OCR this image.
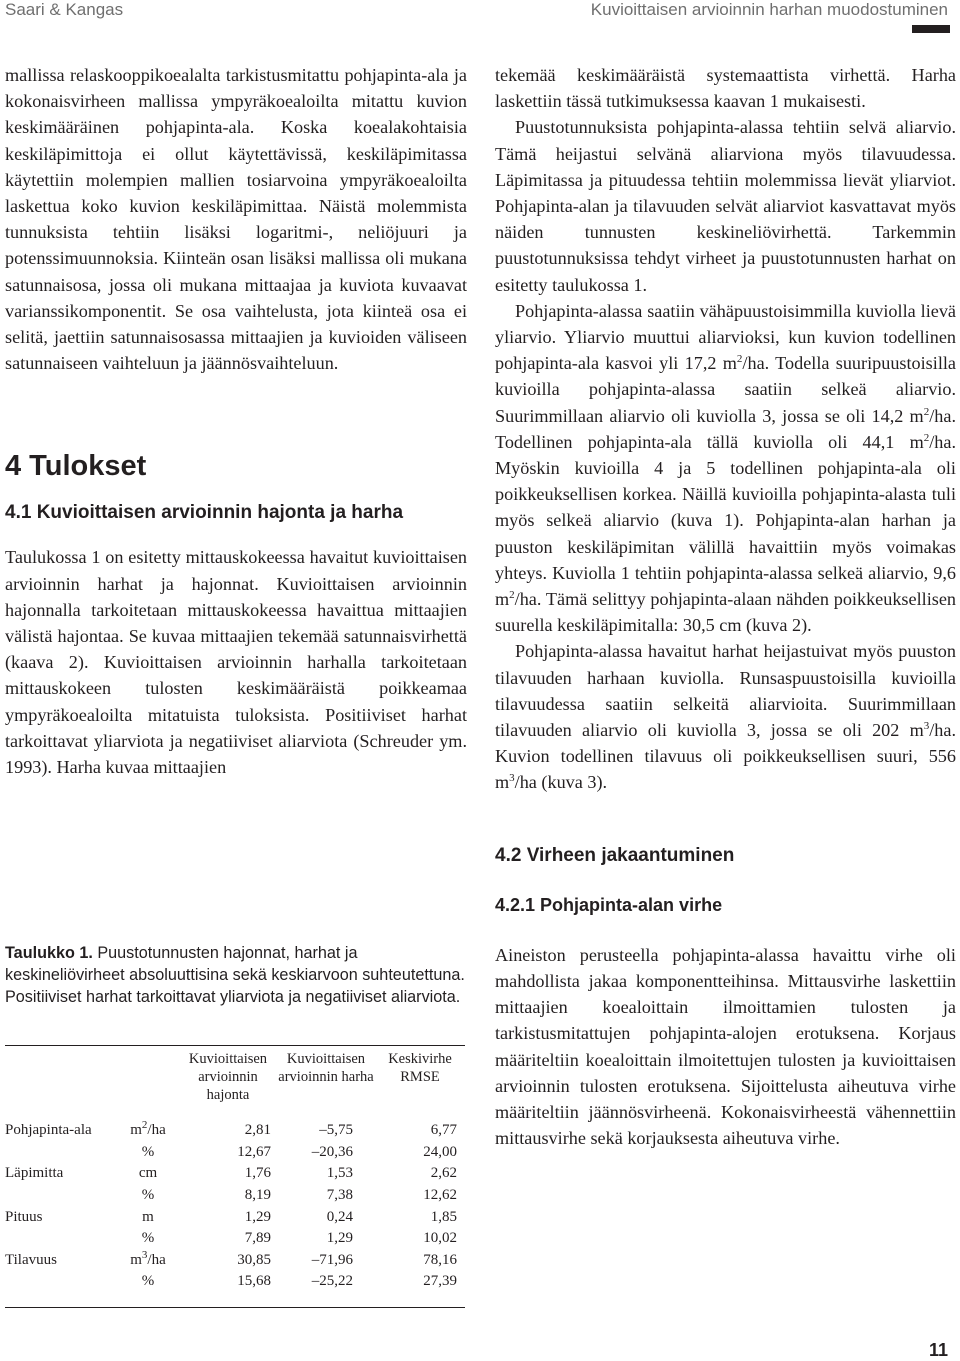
Saari & Kangas	Kuvioittaisen arvioinnin harhan muodostuminen

mallissa relaskooppikoealalta tarkistusmitattu pohjapinta-ala ja kokonaisvirheen mallissa ympyräkoealoilta mitattu kuvion keskimääräinen pohjapinta-ala. Koska koealakohtaisia keskiläpimittoja ei ollut käytettävissä, keskiläpimitassa käytettiin molempien mallien tosiarvoina ympyräkoealoilta laskettua koko kuvion keskiläpimittaa. Näistä molemmista tunnuksista tehtiin lisäksi logaritmi-, neliöjuuri ja potenssimuunnoksia. Kiinteän osan lisäksi mallissa oli mukana satunnaisosa, jossa oli mukana mittaajaa ja kuviota kuvaavat varianssikomponentit. Se osa vaihtelusta, jota kiinteä osa ei selitä, jaettiin satunnaisosassa mittaajien ja kuvioiden väliseen satunnaiseen vaihteluun ja jäännösvaihteluun.

4 Tulokset
4.1 Kuvioittaisen arvioinnin hajonta ja harha

Taulukossa 1 on esitetty mittauskokeessa havaitut kuvioittaisen arvioinnin harhat ja hajonnat. Kuvioittaisen arvioinnin hajonnalla tarkoitetaan mittauskokeessa havaittua mittaajien välistä hajontaa. Se kuvaa mittaajien tekemää satunnaisvirhettä (kaava 2). Kuvioittaisen arvioinnin harhalla tarkoitetaan mittauskokeen tulosten keskimääräistä poikkeamaa ympyräkoealoilta mitatuista tuloksista. Positiiviset harhat tarkoittavat yliarviota ja negatiiviset aliarviota (Schreuder ym. 1993). Harha kuvaa mittaajien

Taulukko 1. Puustotunnusten hajonnat, harhat ja keskineliövirheet absoluuttisina sekä keskiarvoon suhteutettuna. Positiiviset harhat tarkoittavat yliarviota ja negatiiviset aliarviota.

		Kuvioittaisen arvioinnin hajonta	Kuvioittaisen arvioinnin harha	Keskivirhe RMSE
Pohjapinta-ala	$m^2/ha$	2,81	–5,75	6,77
	%	12,67	–20,36	24,00
Läpimitta	cm	1,76	1,53	2,62
	%	8,19	7,38	12,62
Pituus	m	1,29	0,24	1,85
	%	7,89	1,29	10,02
Tilavuus	$m^3/ha$	30,85	–71,96	78,16
	%	15,68	–25,22	27,39

tekemää keskimääräistä systemaattista virhettä. Harha laskettiin tässä tutkimuksessa kaavan 1 mukaisesti.

Puustotunnuksista pohjapinta-alassa tehtiin selvä aliarvio. Tämä heijastui selvänä aliarviona myös tilavuudessa. Läpimitassa ja pituudessa tehtiin molemmissa lievät yliarviot. Pohjapinta-alan ja tilavuuden selvät aliarviot kasvattavat myös näiden tunnusten keskineliövirhettä. Tarkemmin puustotunnuksissa tehdyt virheet ja puustotunnusten harhat on esitetty taulukossa 1.

Pohjapinta-alassa saatiin vähäpuustoisimmilla kuviolla lievä yliarvio. Yliarvio muuttui aliarvioksi, kun kuvion todellinen pohjapinta-ala kasvoi yli 17,2 $m^2/ha$. Todella suuripuustoisilla kuvioilla pohjapinta-alassa saatiin selkeä aliarvio. Suurimmillaan aliarvio oli kuviolla 3, jossa se oli 14,2 $m^2/ha$. Todellinen pohjapinta-ala tällä kuviolla oli 44,1 $m^2/ha$. Myöskin kuvioilla 4 ja 5 todellinen pohjapinta-ala oli poikkeuksellisen korkea. Näillä kuvioilla pohjapinta-alasta tuli myös selkeä aliarvio (kuva 1). Pohjapinta-alan harhan ja puuston keskiläpimitan välillä havaittiin myös voimakas yhteys. Kuviolla 1 tehtiin pohjapinta-alassa selkeä aliarvio, 9,6 $m^2/ha$. Tämä selittyy pohjapinta-alaan nähden poikkeuksellisen suurella keskiläpimitalla: 30,5 cm (kuva 2).

Pohjapinta-alassa havaitut harhat heijastuivat myös puuston tilavuuden harhaan kuviolla. Runsaspuustoisilla kuvioilla tilavuudessa saatiin selkeitä aliarvioita. Suurimmillaan tilavuuden aliarvio oli kuviolla 3, jossa se oli 202 $m^3/ha$. Kuvion todellinen tilavuus oli poikkeuksellisen suuri, 556 $m^3/ha$ (kuva 3).

4.2 Virheen jakaantuminen
4.2.1 Pohjapinta-alan virhe

Aineiston perusteella pohjapinta-alassa havaittu virhe oli mahdollista jakaa komponentteihinsa. Mittausvirhe laskettiin mittaajien koealoittain ilmoittamien tulosten ja tarkistusmitattujen pohjapinta-alojen erotuksena. Korjaus määriteltiin koealoittain ilmoitettujen tulosten ja kuvioittaisen arvioinnin tulosten erotuksena. Sijoittelusta aiheutuva virhe määriteltiin jäännösvirheenä. Kokonaisvirheestä vähennettiin mittausvirhe sekä korjauksesta aiheutuva virhe.

11
